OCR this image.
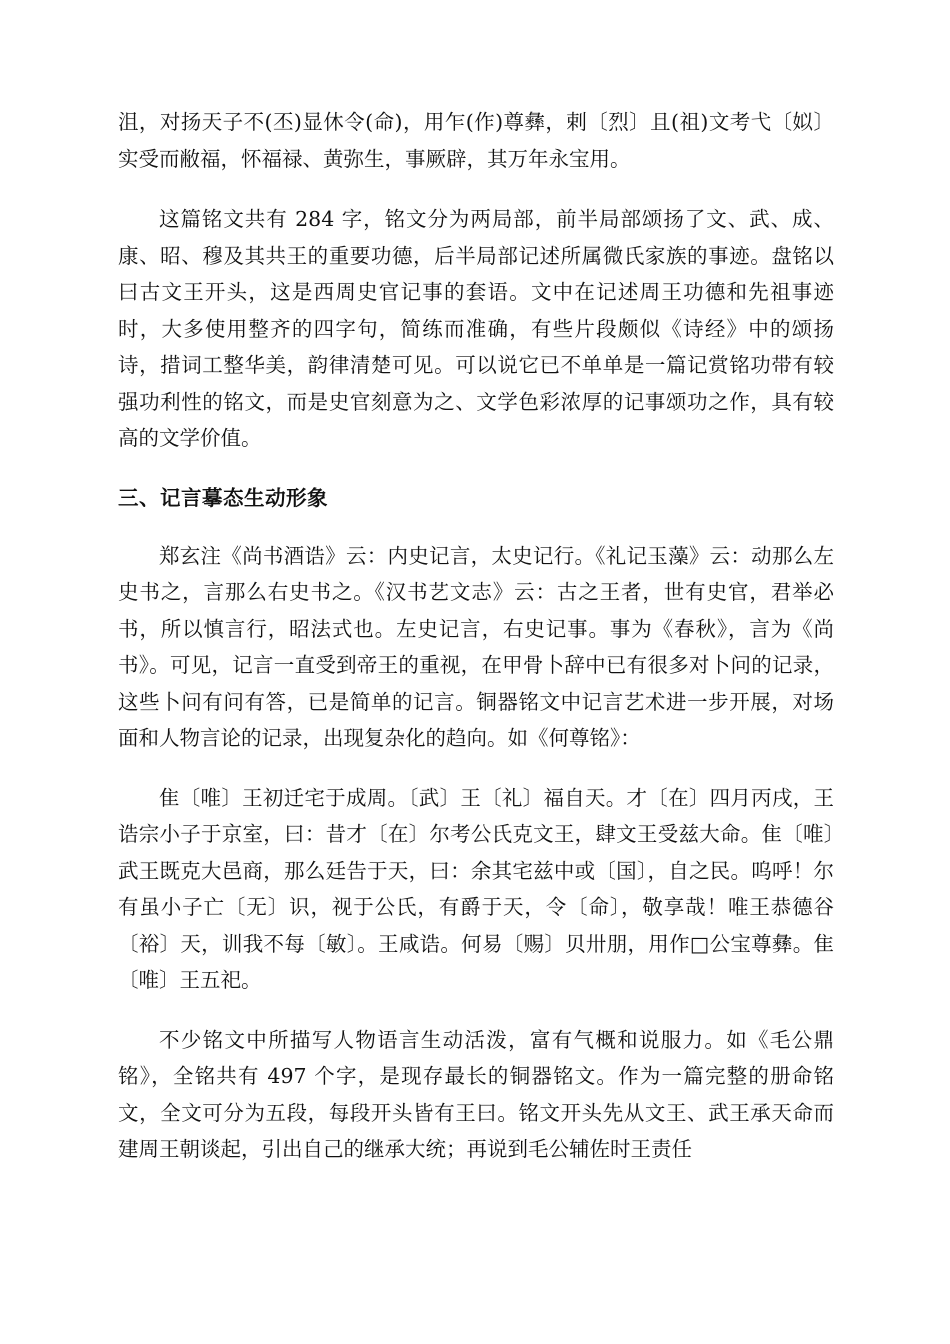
沮，对扬天子不(丕)显休令(命)，用乍(作)尊彝，剌〔烈〕且(祖)文考弋〔姒〕实受而敝福，怀福禄、黄弥生，事厥辟，其万年永宝用。

这篇铭文共有 284 字，铭文分为两局部，前半局部颂扬了文、武、成、康、昭、穆及其共王的重要功德，后半局部记述所属微氏家族的事迹。盘铭以曰古文王开头，这是西周史官记事的套语。文中在记述周王功德和先祖事迹时，大多使用整齐的四字句，简练而准确，有些片段颇似《诗经》中的颂扬诗，措词工整华美，韵律清楚可见。可以说它已不单单是一篇记赏铭功带有较强功利性的铭文，而是史官刻意为之、文学色彩浓厚的记事颂功之作，具有较高的文学价值。

三、记言摹态生动形象

郑玄注《尚书酒诰》云：内史记言，太史记行。《礼记玉藻》云：动那么左史书之，言那么右史书之。《汉书艺文志》云：古之王者，世有史官，君举必书，所以慎言行，昭法式也。左史记言，右史记事。事为《春秋》，言为《尚书》。可见，记言一直受到帝王的重视，在甲骨卜辞中已有很多对卜问的记录，这些卜问有问有答，已是简单的记言。铜器铭文中记言艺术进一步开展，对场面和人物言论的记录，出现复杂化的趋向。如《何尊铭》：

隹〔唯〕王初迁宅于成周。〔武〕王〔礼〕福自天。才〔在〕四月丙戌，王诰宗小子于京室，曰：昔才〔在〕尔考公氏克文王，肆文王受兹大命。隹〔唯〕武王既克大邑商，那么廷告于天，曰：余其宅兹中或〔国〕，自之民。呜呼！尔有虽小子亡〔无〕识，视于公氏，有爵于天，令〔命〕，敬享哉！唯王恭德谷〔裕〕天，训我不每〔敏〕。王咸诰。何易〔赐〕贝卅朋，用作□公宝尊彝。隹〔唯〕王五祀。

不少铭文中所描写人物语言生动活泼，富有气概和说服力。如《毛公鼎铭》，全铭共有 497 个字，是现存最长的铜器铭文。作为一篇完整的册命铭文，全文可分为五段，每段开头皆有王曰。铭文开头先从文王、武王承天命而建周王朝谈起，引出自己的继承大统；再说到毛公辅佐时王责任
